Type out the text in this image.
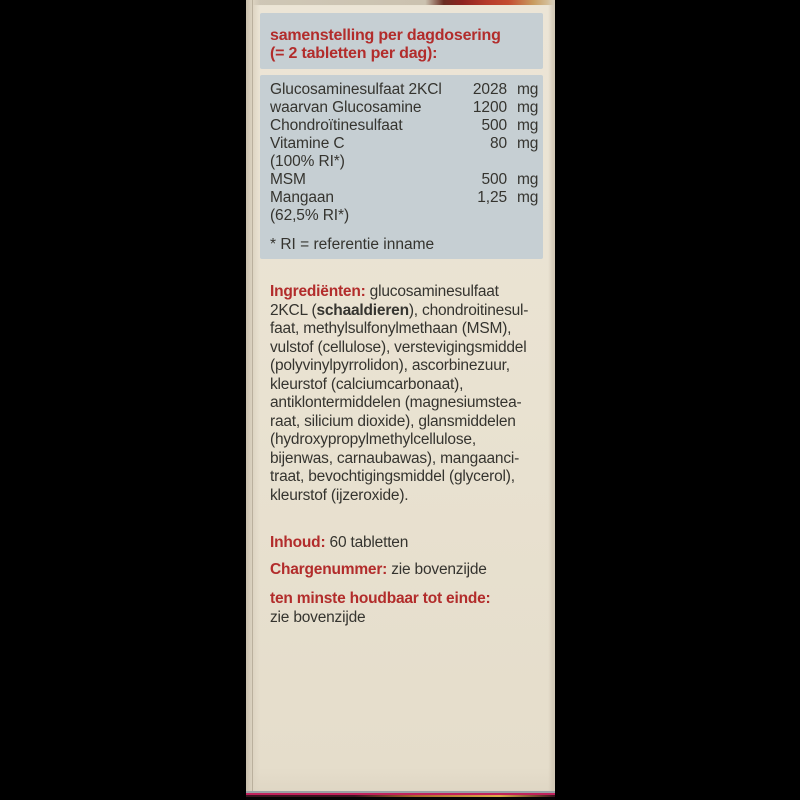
samenstelling per dagdosering
(= 2 tabletten per dag):
Glucosaminesulfaat 2KCl	2028 mg
waarvan Glucosamine	1200 mg
Chondroïtinesulfaat	500 mg
Vitamine C	80 mg
(100% RI*)
MSM	500 mg
Mangaan	1,25 mg
(62,5% RI*)
* RI = referentie inname
Ingrediënten: glucosaminesulfaat
2KCL (schaaldieren), chondroitinesul-
faat, methylsulfonylmethaan (MSM),
vulstof (cellulose), verstevigingsmiddel
(polyvinylpyrrolidon), ascorbinezuur,
kleurstof (calciumcarbonaat),
antiklontermiddelen (magnesiumstea-
raat, silicium dioxide), glansmiddelen
(hydroxypropylmethylcellulose,
bijenwas, carnaubawas), mangaanci-
traat, bevochtigingsmiddel (glycerol),
kleurstof (ijzeroxide).
Inhoud: 60 tabletten
Chargenummer: zie bovenzijde
ten minste houdbaar tot einde:
zie bovenzijde
